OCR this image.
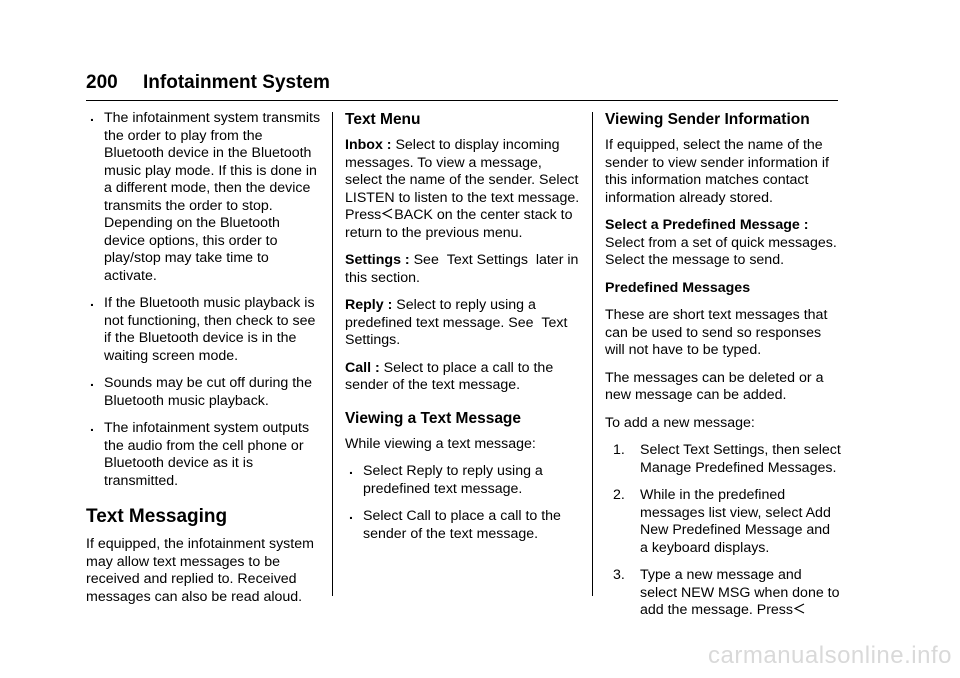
200 Infotainment System
. The infotainment system transmits the order to play from the Bluetooth device in the Bluetooth music play mode. If this is done in a different mode, then the device transmits the order to stop. Depending on the Bluetooth device options, this order to play/stop may take time to activate.
. If the Bluetooth music playback is not functioning, then check to see if the Bluetooth device is in the waiting screen mode.
. Sounds may be cut off during the Bluetooth music playback.
. The infotainment system outputs the audio from the cell phone or Bluetooth device as it is transmitted.
Text Messaging

If equipped, the infotainment system may allow text messages to be received and replied to. Received messages can also be read aloud.

Text Menu

Inbox : Select to display incoming messages. To view a message, select the name of the sender. Select LISTEN to listen to the text message. Press BACK on the center stack to return to the previous menu.

Settings : See  Text Settings  later in this section.

Reply : Select to reply using a predefined text message. See  Text Settings.

Call : Select to place a call to the sender of the text message.

Viewing a Text Message

While viewing a text message:

. Select Reply to reply using a predefined text message.
. Select Call to place a call to the sender of the text message.
Viewing Sender Information

If equipped, select the name of the sender to view sender information if this information matches contact information already stored.

Select a Predefined Message :
Select from a set of quick messages. Select the message to send.

Predefined Messages

These are short text messages that can be used to send so responses will not have to be typed.

The messages can be deleted or a new message can be added.

To add a new message:

1. Select Text Settings, then select Manage Predefined Messages.
2. While in the predefined messages list view, select Add New Predefined Message and a keyboard displays.
3. Type a new message and select NEW MSG when done to add the message. Press
carmanualsonline.info
